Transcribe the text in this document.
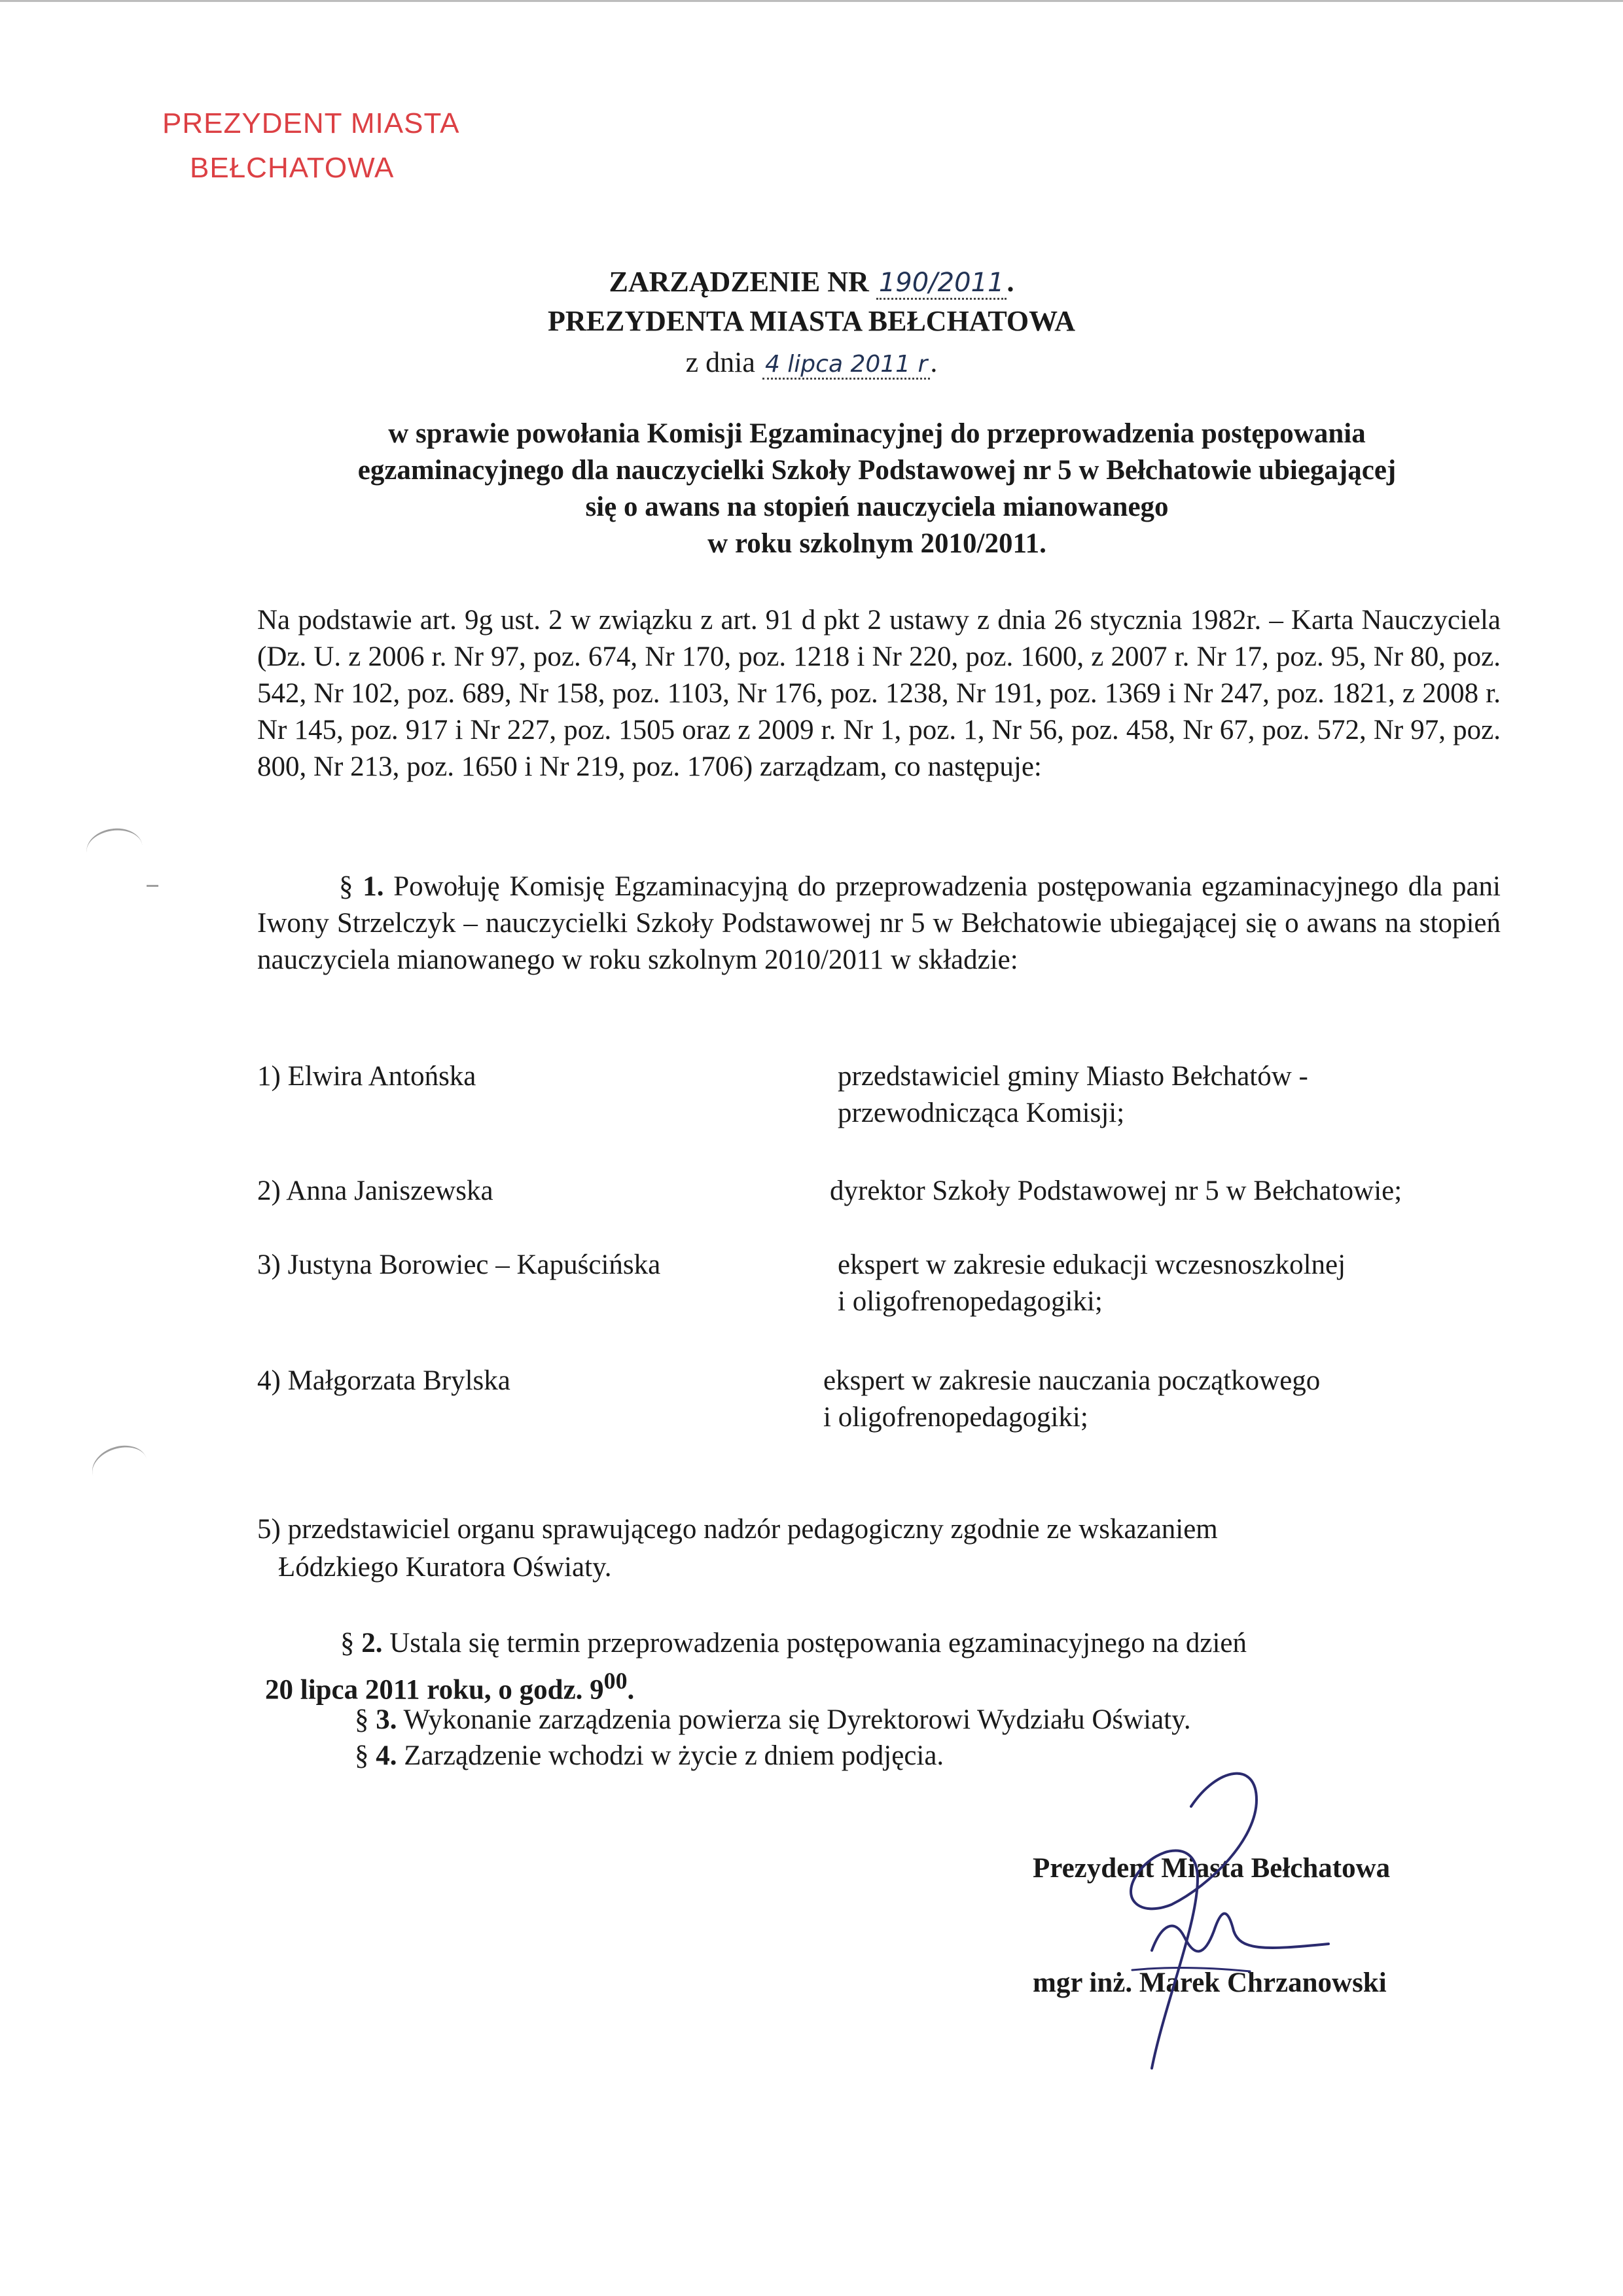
PREZYDENT MIASTA
BEŁCHATOWA
ZARZĄDZENIE NR 190/2011.
PREZYDENTA MIASTA BEŁCHATOWA
z dnia 4 lipca 2011 r.
w sprawie powołania Komisji Egzaminacyjnej do przeprowadzenia postępowania
egzaminacyjnego dla nauczycielki Szkoły Podstawowej nr 5 w Bełchatowie ubiegającej
się o awans na stopień nauczyciela mianowanego
w roku szkolnym 2010/2011.
Na podstawie art. 9g ust. 2 w związku z art. 91 d pkt 2 ustawy z dnia 26 stycznia 1982r. – Karta Nauczyciela (Dz. U. z 2006 r. Nr 97, poz. 674, Nr 170, poz. 1218 i Nr 220, poz. 1600, z 2007 r. Nr 17, poz. 95, Nr 80, poz. 542, Nr 102, poz. 689, Nr 158, poz. 1103, Nr 176, poz. 1238, Nr 191, poz. 1369 i Nr 247, poz. 1821, z 2008 r. Nr 145, poz. 917 i Nr 227, poz. 1505 oraz z 2009 r. Nr 1, poz. 1, Nr 56, poz. 458, Nr 67, poz. 572, Nr 97, poz. 800, Nr 213, poz. 1650 i Nr 219, poz. 1706) zarządzam, co następuje:
§ 1. Powołuję Komisję Egzaminacyjną do przeprowadzenia postępowania egzaminacyjnego dla pani Iwony Strzelczyk – nauczycielki Szkoły Podstawowej nr 5 w Bełchatowie ubiegającej się o awans na stopień nauczyciela mianowanego w roku szkolnym 2010/2011 w składzie:
1) Elwira Antońska	przedstawiciel gminy Miasto Bełchatów -
przewodnicząca Komisji;
2) Anna Janiszewska	dyrektor Szkoły Podstawowej nr 5 w Bełchatowie;
3) Justyna Borowiec – Kapuścińska	ekspert w zakresie edukacji wczesnoszkolnej
i oligofrenopedagogiki;
4) Małgorzata Brylska	ekspert w zakresie nauczania początkowego
i oligofrenopedagogiki;
5) przedstawiciel organu sprawującego nadzór pedagogiczny zgodnie ze wskazaniem
Łódzkiego Kuratora Oświaty.
§ 2. Ustala się termin przeprowadzenia postępowania egzaminacyjnego na dzień
20 lipca 2011 roku, o godz. $9^{00}$.
§ 3. Wykonanie zarządzenia powierza się Dyrektorowi Wydziału Oświaty.
§ 4. Zarządzenie wchodzi w życie z dniem podjęcia.
Prezydent Miasta Bełchatowa
mgr inż. Marek Chrzanowski
